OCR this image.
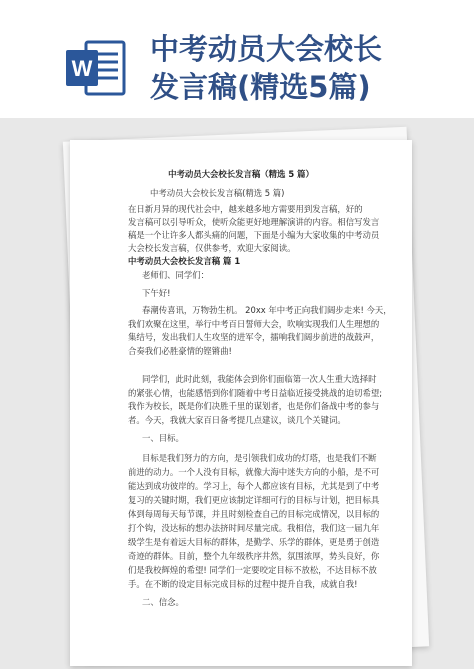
W
中考动员大会校长
发言稿(精选5篇)
中考动员大会校长发言稿（精选 5 篇）
中考动员大会校长发言稿(精选 5 篇)
在日新月异的现代社会中，越来越多地方需要用到发言稿，好的
发言稿可以引导听众，使听众能更好地理解演讲的内容。相信写发言
稿是一个让许多人都头痛的问题，下面是小编为大家收集的中考动员
大会校长发言稿，仅供参考，欢迎大家阅读。
中考动员大会校长发言稿 篇 1
老师们、同学们：
下午好!
春潮传喜讯，万物勃生机。 20xx 年中考正向我们阔步走来! 今天，
我们欢聚在这里，举行中考百日誓师大会，吹响实现我们人生理想的
集结号，发出我们人生攻坚的进军令，擂响我们阔步前进的战鼓声，
合奏我们必胜豪情的铿锵曲!
同学们，此时此刻，我能体会到你们面临第一次人生重大选择时
的紧张心情，也能感悟到你们随着中考日益临近接受挑战的迫切希望;
我作为校长，既是你们决胜千里的谋划者，也是你们备战中考的参与
者。今天，我就大家百日备考提几点建议，谈几个关键词。
一、目标。
目标是我们努力的方向，是引领我们成功的灯塔，也是我们不断
前进的动力。一个人没有目标，就像大海中迷失方向的小船，是不可
能达到成功彼岸的。学习上，每个人都应该有目标，尤其是到了中考
复习的关键时期，我们更应该制定详细可行的目标与计划，把目标具
体到每周每天每节课，并且时刻检查自己的目标完成情况，以目标的
打个钩，没达标的想办法挤时间尽量完成。我相信，我们这一届九年
级学生是有着远大目标的群体，是勤学、乐学的群体，更是勇于创造
奇迹的群体。目前，整个九年级秩序井然，氛围浓厚，势头良好，你
们是我校辉煌的希望! 同学们一定要咬定目标不放松，不达目标不放
手。在不断的设定目标完成目标的过程中提升自我，成就自我!
二、信念。
